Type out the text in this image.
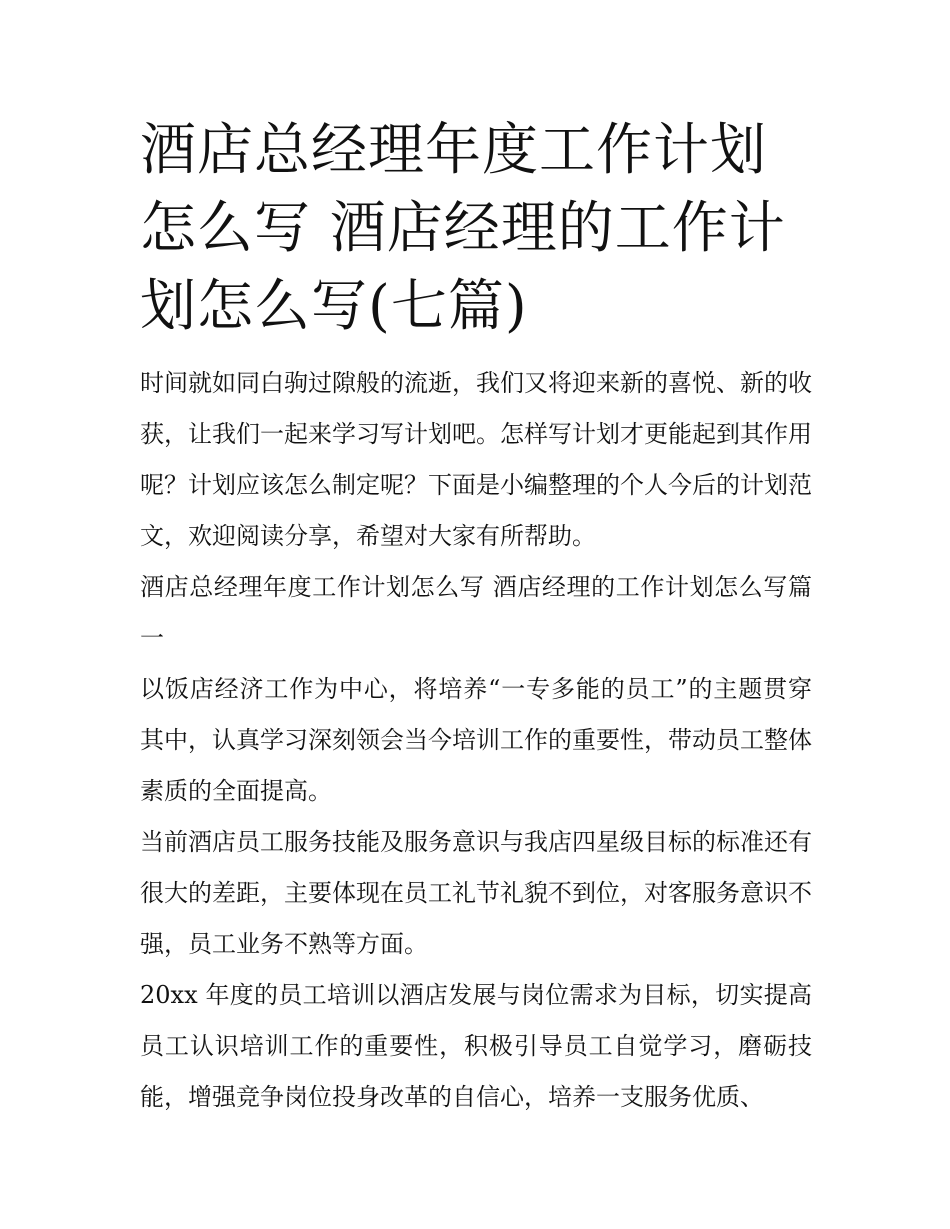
酒店总经理年度工作计划怎么写 酒店经理的工作计划怎么写(七篇)

时间就如同白驹过隙般的流逝，我们又将迎来新的喜悦、新的收获，让我们一起来学习写计划吧。怎样写计划才更能起到其作用呢？计划应该怎么制定呢？下面是小编整理的个人今后的计划范文，欢迎阅读分享，希望对大家有所帮助。

酒店总经理年度工作计划怎么写 酒店经理的工作计划怎么写篇一

以饭店经济工作为中心，将培养“一专多能的员工”的主题贯穿其中，认真学习深刻领会当今培训工作的重要性，带动员工整体素质的全面提高。

当前酒店员工服务技能及服务意识与我店四星级目标的标准还有很大的差距，主要体现在员工礼节礼貌不到位，对客服务意识不强，员工业务不熟等方面。

20xx 年度的员工培训以酒店发展与岗位需求为目标，切实提高员工认识培训工作的重要性，积极引导员工自觉学习，磨砺技能，增强竞争岗位投身改革的自信心，培养一支服务优质、
